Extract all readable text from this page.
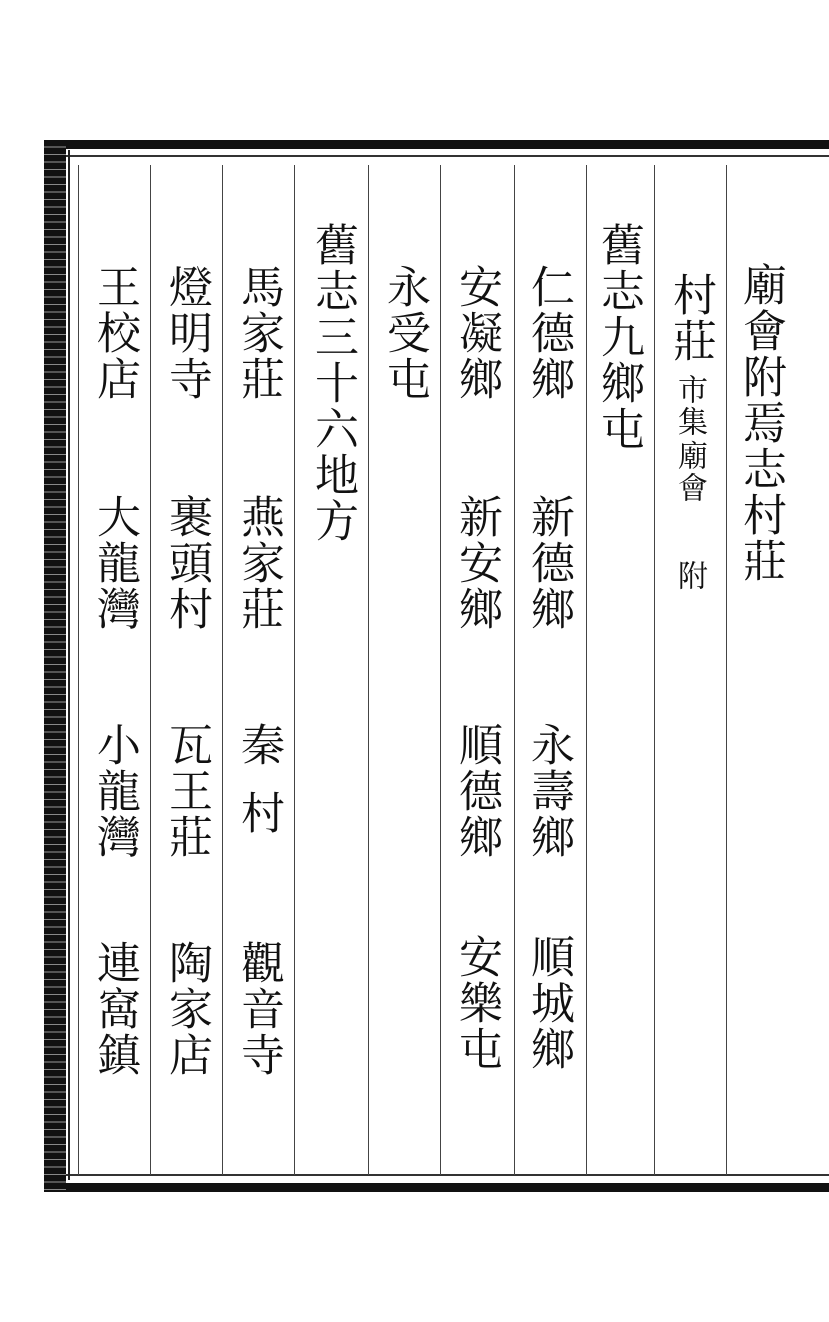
廟會附焉志村莊
村莊
市集
廟會
附
舊志九鄉屯
仁德鄉
新德鄉
永壽鄉
順城鄉
安凝鄉
新安鄉
順德鄉
安樂屯
永受屯
舊志三十六地方
馬家莊
燕家莊
秦村
觀音寺
燈明寺
裹頭村
瓦王莊
陶家店
王校店
大龍灣
小龍灣
連窩鎮
